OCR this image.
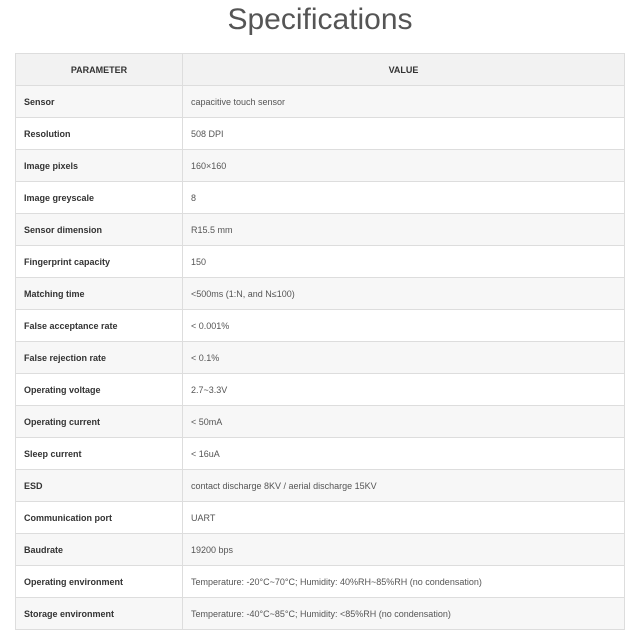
Specifications
PARAMETER	VALUE
Sensor	capacitive touch sensor
Resolution	508 DPI
Image pixels	160×160
Image greyscale	8
Sensor dimension	R15.5 mm
Fingerprint capacity	150
Matching time	<500ms (1:N, and N≤100)
False acceptance rate	< 0.001%
False rejection rate	< 0.1%
Operating voltage	2.7~3.3V
Operating current	< 50mA
Sleep current	< 16uA
ESD	contact discharge 8KV / aerial discharge 15KV
Communication port	UART
Baudrate	19200 bps
Operating environment	Temperature: -20°C~70°C; Humidity: 40%RH~85%RH (no condensation)
Storage environment	Temperature: -40°C~85°C; Humidity: <85%RH (no condensation)
